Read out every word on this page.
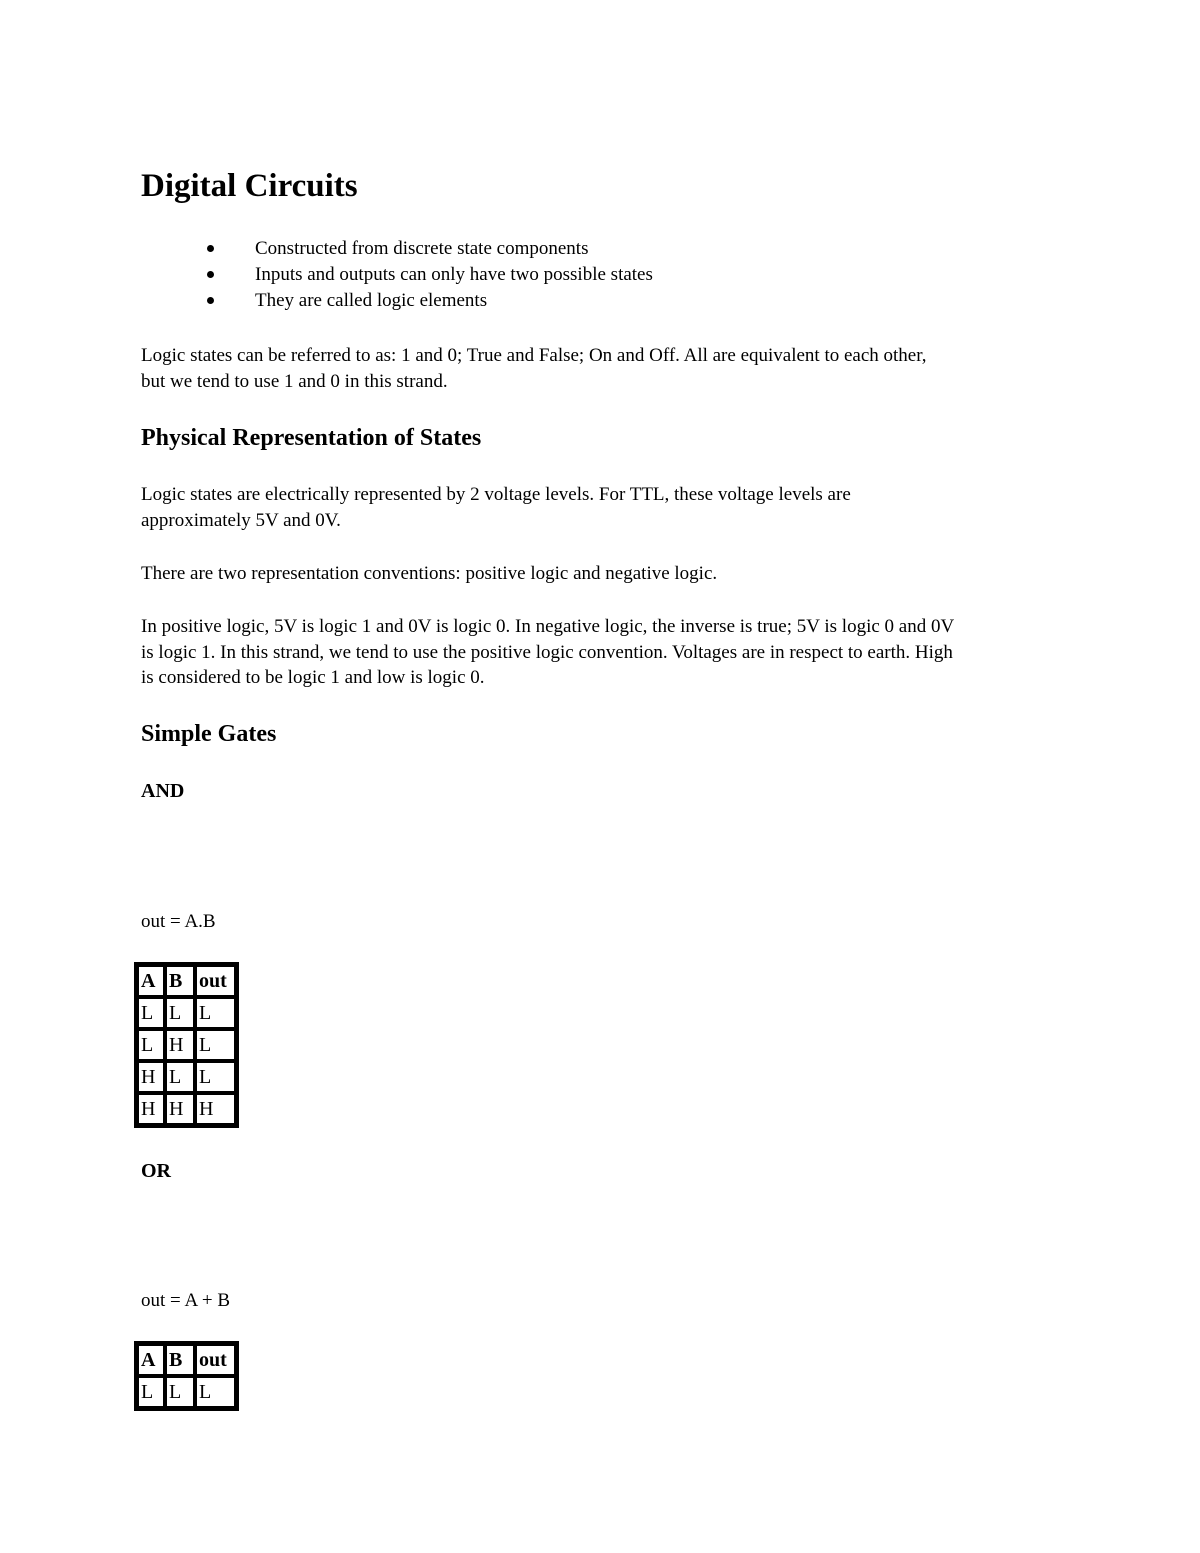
Digital Circuits
Constructed from discrete state components
Inputs and outputs can only have two possible states
They are called logic elements

Logic states can be referred to as: 1 and 0; True and False; On and Off. All are equivalent to each other,
but we tend to use 1 and 0 in this strand.

Physical Representation of States

Logic states are electrically represented by 2 voltage levels. For TTL, these voltage levels are
approximately 5V and 0V.

There are two representation conventions: positive logic and negative logic.

In positive logic, 5V is logic 1 and 0V is logic 0. In negative logic, the inverse is true; 5V is logic 0 and 0V
is logic 1. In this strand, we tend to use the positive logic convention. Voltages are in respect to earth. High
is considered to be logic 1 and low is logic 0.

Simple Gates
AND
out = A.B
A	B	out
L	L	L
L	H	L
H	L	L
H	H	H
OR
out = A + B
A	B	out
L	L	L
